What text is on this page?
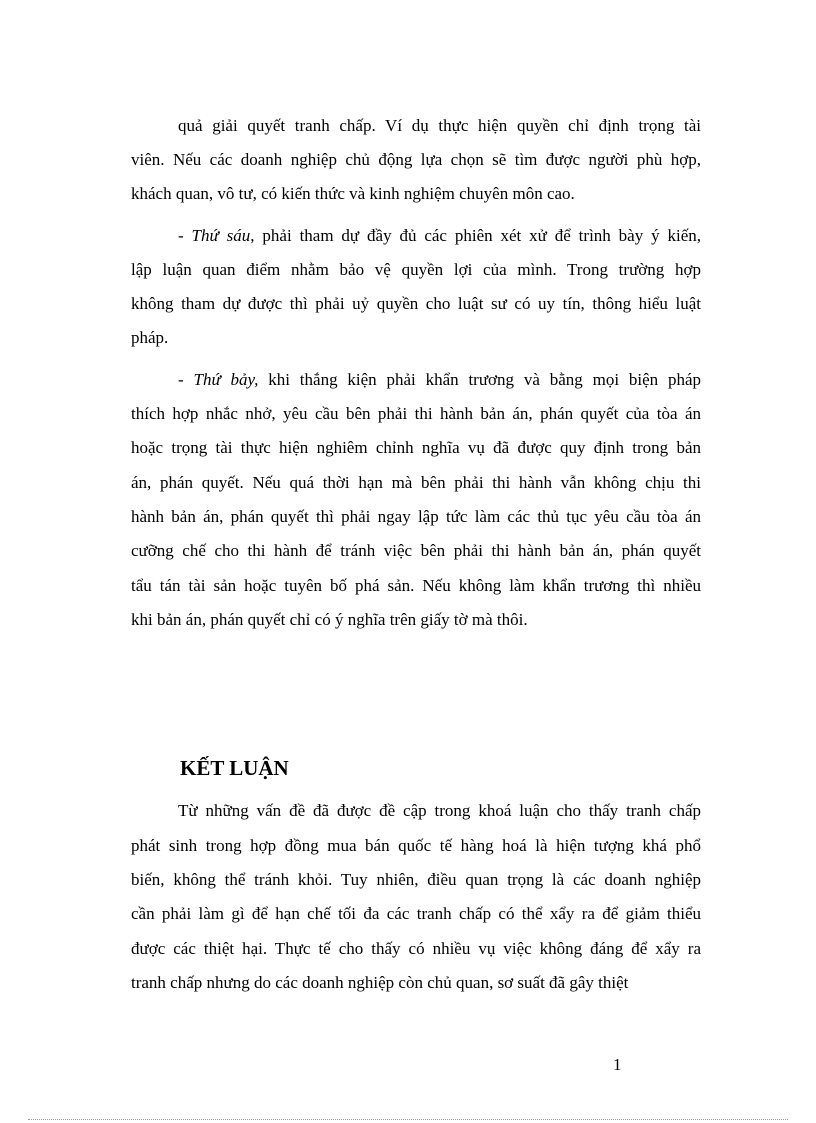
quả giải quyết tranh chấp. Ví dụ thực hiện quyền chỉ định trọng tài
viên. Nếu các doanh nghiệp chủ động lựa chọn sẽ tìm được người phù hợp,
khách quan, vô tư, có kiến thức và kinh nghiệm chuyên môn cao.
- Thứ sáu, phải tham dự đầy đủ các phiên xét xử để trình bày ý kiến,
lập luận quan điểm nhằm bảo vệ quyền lợi của mình. Trong trường hợp
không tham dự được thì phải uỷ quyền cho luật sư có uy tín, thông hiểu luật
pháp.
- Thứ bảy, khi thắng kiện phải khẩn trương và bằng mọi biện pháp
thích hợp nhắc nhở, yêu cầu bên phải thi hành bản án, phán quyết của tòa án
hoặc trọng tài thực hiện nghiêm chỉnh nghĩa vụ đã được quy định trong bản
án, phán quyết. Nếu quá thời hạn mà bên phải thi hành vẫn không chịu thi
hành bản án, phán quyết thì phải ngay lập tức làm các thủ tục yêu cầu tòa án
cưỡng chế cho thi hành để tránh việc bên phải thi hành bản án, phán quyết
tẩu tán tài sản hoặc tuyên bố phá sản. Nếu không làm khẩn trương thì nhiều
khi bản án, phán quyết chỉ có ý nghĩa trên giấy tờ mà thôi.
KẾT LUẬN
Từ những vấn đề đã được đề cập trong khoá luận cho thấy tranh chấp
phát sinh trong hợp đồng mua bán quốc tế hàng hoá là hiện tượng khá phổ
biến, không thể tránh khỏi. Tuy nhiên, điều quan trọng là các doanh nghiệp
cần phải làm gì để hạn chế tối đa các tranh chấp có thể xẩy ra để giảm thiểu
được các thiệt hại. Thực tế cho thấy có nhiều vụ việc không đáng để xẩy ra
tranh chấp nhưng do các doanh nghiệp còn chủ quan, sơ suất đã gây thiệt
1
